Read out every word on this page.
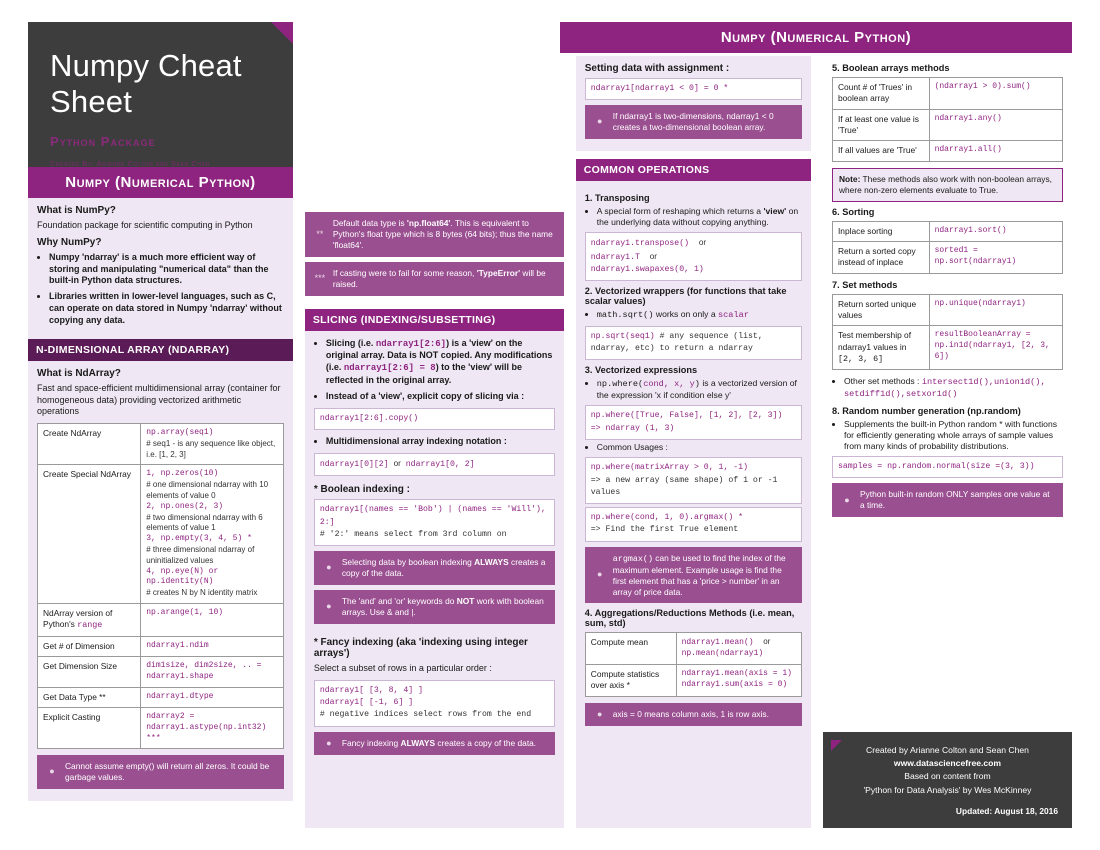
Numpy Cheat Sheet
Python Package
Created By: Arianne Colton and Sean Chen
Numpy (Numerical Python)
What is NumPy?

Foundation package for scientific computing in Python

Why NumPy?
• Numpy 'ndarray' is a much more efficient way of storing and manipulating "numerical data" than the built-in Python data structures.
• Libraries written in lower-level languages, such as C, can operate on data stored in Numpy 'ndarray' without copying any data.
N-DIMENSIONAL ARRAY (NDARRAY)
What is NdArray?

Fast and space-efficient multidimensional array (container for homogeneous data) providing vectorized arithmetic operations

Create NdArray	np.array(seq1)
# seq1 - is any sequence like object, i.e. [1, 2, 3]

Create Special NdArray	1, np.zeros(10)
# one dimensional ndarray with 10 elements of value 0
2, np.ones(2, 3)
# two dimensional ndarray with 6 elements of value 1
3, np.empty(3, 4, 5) *
# three dimensional ndarray of uninitialized values
4, np.eye(N) or np.identity(N)
# creates N by N identity matrix

NdArray version of Python's range	np.arange(1, 10)
Get # of Dimension	ndarray1.ndim
Get Dimension Size	dim1size, dim2size, .. = ndarray1.shape
Get Data Type **	ndarray1.dtype
Explicit Casting	ndarray2 = ndarray1.astype(np.int32) ***
●
Cannot assume empty() will return all zeros. It could be garbage values.
**
Default data type is 'np.float64'. This is equivalent to Python's float type which is 8 bytes (64 bits); thus the name 'float64'.
***
If casting were to fail for some reason, 'TypeError' will be raised.
SLICING (INDEXING/SUBSETTING)
• Slicing (i.e. ndarray1[2:6]) is a 'view' on the original array. Data is NOT copied. Any modifications (i.e. ndarray1[2:6] = 8) to the 'view' will be reflected in the original array.
• Instead of a 'view', explicit copy of slicing via :
ndarray1[2:6].copy()
• Multidimensional array indexing notation :
ndarray1[0][2] or ndarray1[0, 2]
* Boolean indexing :
ndarray1[(names == 'Bob') | (names == 'Will'), 2:]
# '2:' means select from 3rd column on
●
Selecting data by boolean indexing ALWAYS creates a copy of the data.
●
The 'and' and 'or' keywords do NOT work with boolean arrays. Use & and |.
* Fancy indexing (aka 'indexing using integer arrays')

Select a subset of rows in a particular order :

ndarray1[ [3, 8, 4] ]
ndarray1[ [-1, 6] ]
# negative indices select rows from the end
●	Fancy indexing ALWAYS creates a copy of the data.
Setting data with assignment :
ndarray1[ndarray1 < 0] = 0 *
●
If ndarray1 is two-dimensions, ndarray1 < 0 creates a two-dimensional boolean array.
COMMON OPERATIONS
1. Transposing
• A special form of reshaping which returns a 'view' on the underlying data without copying anything.
ndarray1.transpose() or
ndarray1.T or
ndarray1.swapaxes(0, 1)
2. Vectorized wrappers (for functions that take scalar values)
• math.sqrt() works on only a scalar
np.sqrt(seq1) # any sequence (list, ndarray, etc) to return a ndarray
3. Vectorized expressions
• np.where(cond, x, y) is a vectorized version of the expression 'x if condition else y'
np.where([True, False], [1, 2], [2, 3]) => ndarray (1, 3)
• Common Usages :
np.where(matrixArray > 0, 1, -1)
=> a new array (same shape) of 1 or -1 values
np.where(cond, 1, 0).argmax() *
=> Find the first True element
●
argmax() can be used to find the index of the maximum element. Example usage is find the first element that has a 'price > number' in an array of price data.
4. Aggregations/Reductions Methods (i.e. mean, sum, std)
Compute mean	ndarray1.mean() or
np.mean(ndarray1)

Compute statistics over axis *	ndarray1.mean(axis = 1)
ndarray1.sum(axis = 0)
●	axis = 0 means column axis, 1 is row axis.
5. Boolean arrays methods
Count # of 'Trues' in boolean array	(ndarray1 > 0).sum()
If at least one value is 'True'	ndarray1.any()
If all values are 'True'	ndarray1.all()
Note: These methods also work with non-boolean arrays, where non-zero elements evaluate to True.
6. Sorting
Inplace sorting	ndarray1.sort()
Return a sorted copy instead of inplace	sorted1 =
np.sort(ndarray1)
7. Set methods
Return sorted unique values	np.unique(ndarray1)
Test membership of ndarray1 values in [2, 3, 6]	resultBooleanArray = np.in1d(ndarray1, [2, 3, 6])
• Other set methods : intersect1d(),union1d(), setdiff1d(),setxor1d()
8. Random number generation (np.random)
• Supplements the built-in Python random * with functions for efficiently generating whole arrays of sample values from many kinds of probability distributions.
samples = np.random.normal(size =(3, 3))
●
Python built-in random ONLY samples one value at a time.
Created by Arianne Colton and Sean Chen
www.datasciencefree.com
Based on content from
'Python for Data Analysis' by Wes McKinney
Updated: August 18, 2016
Numpy (Numerical Python)
